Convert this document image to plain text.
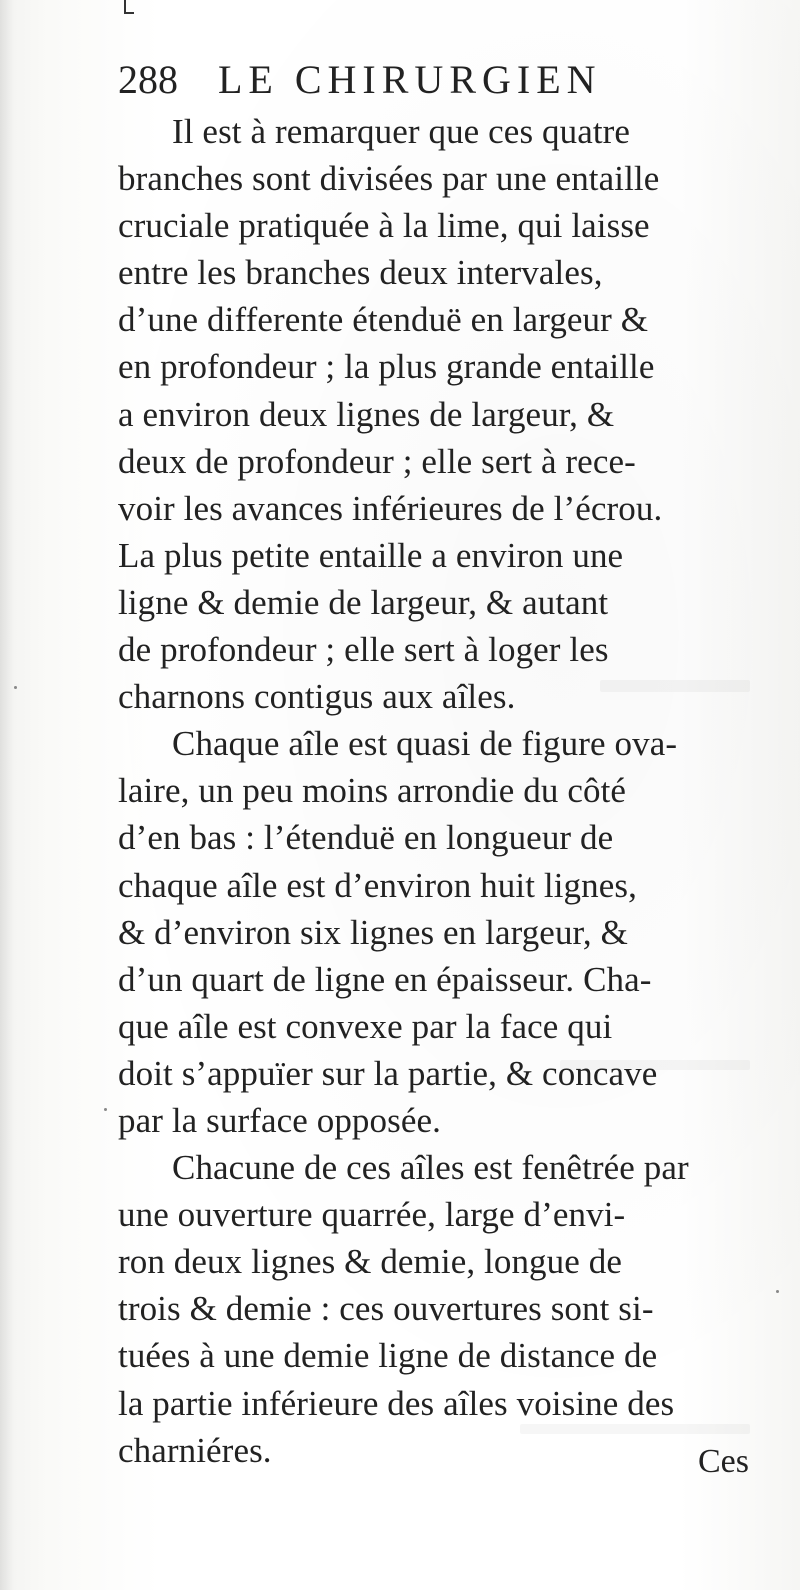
288 LE CHIRURGIEN
Il est à remarquer que ces quatre
branches sont divisées par une entaille
cruciale pratiquée à la lime, qui laisse
entre les branches deux intervales,
d’une differente étenduë en largeur &
en profondeur ; la plus grande entaille
a environ deux lignes de largeur, &
deux de profondeur ; elle sert à rece-
voir les avances inférieures de l’écrou.
La plus petite entaille a environ une
ligne & demie de largeur, & autant
de profondeur ; elle sert à loger les
charnons contigus aux aîles.
Chaque aîle est quasi de figure ova-
laire, un peu moins arrondie du côté
d’en bas : l’étenduë en longueur de
chaque aîle est d’environ huit lignes,
& d’environ six lignes en largeur, &
d’un quart de ligne en épaisseur. Cha-
que aîle est convexe par la face qui
doit s’appuïer sur la partie, & concave
par la surface opposée.
Chacune de ces aîles est fenêtrée par
une ouverture quarrée, large d’envi-
ron deux lignes & demie, longue de
trois & demie : ces ouvertures sont si-
tuées à une demie ligne de distance de
la partie inférieure des aîles voisine des
charniéres.	Ces
